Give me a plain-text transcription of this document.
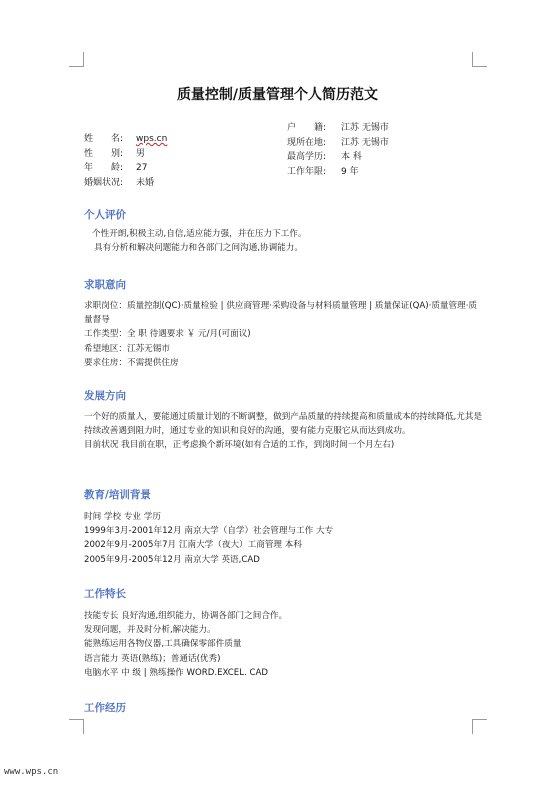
质量控制/质量管理个人简历范文
姓　　名: wps.cn
性　　别: 男
年　　龄: 27
婚姻状况: 未婚
户　　籍: 江苏 无锡市
现所在地: 江苏 无锡市
最高学历: 本 科
工作年限: 9 年
个人评价
个性开朗,积极主动,自信,适应能力强，并在压力下工作。
具有分析和解决问题能力和各部门之间沟通,协调能力。
求职意向
求职岗位：质量控制(QC)·质量检验 | 供应商管理·采购设备与材料质量管理 | 质量保证(QA)·质量管理·质量督导
工作类型：全 职 待遇要求 ￥ 元/月(可面议)
希望地区：江苏无锡市
要求住房：不需提供住房
发展方向
一个好的质量人，要能通过质量计划的不断调整，做到产品质量的持续提高和质量成本的持续降低,尤其是持续改善遇到阻力时，通过专业的知识和良好的沟通，要有能力克服它从而达到成功。
目前状况 我目前在职，正考虑换个新环境(如有合适的工作，到岗时间一个月左右)
教育/培训背景
时间 学校 专业 学历
1999年3月-2001年12月 南京大学（自学）社会管理与工作 大专
2002年9月-2005年7月 江南大学（夜大）工商管理 本科
2005年9月-2005年12月 南京大学 英语,CAD
工作特长
技能专长 良好沟通,组织能力，协调各部门之间合作。
发现问题，并及时分析,解决能力。
能熟练运用各物仪器,工具确保零部件质量
语言能力 英语(熟练)；普通话(优秀)
电脑水平 中 级 | 熟练操作 WORD.EXCEL. CAD
工作经历
www.wps.cn
